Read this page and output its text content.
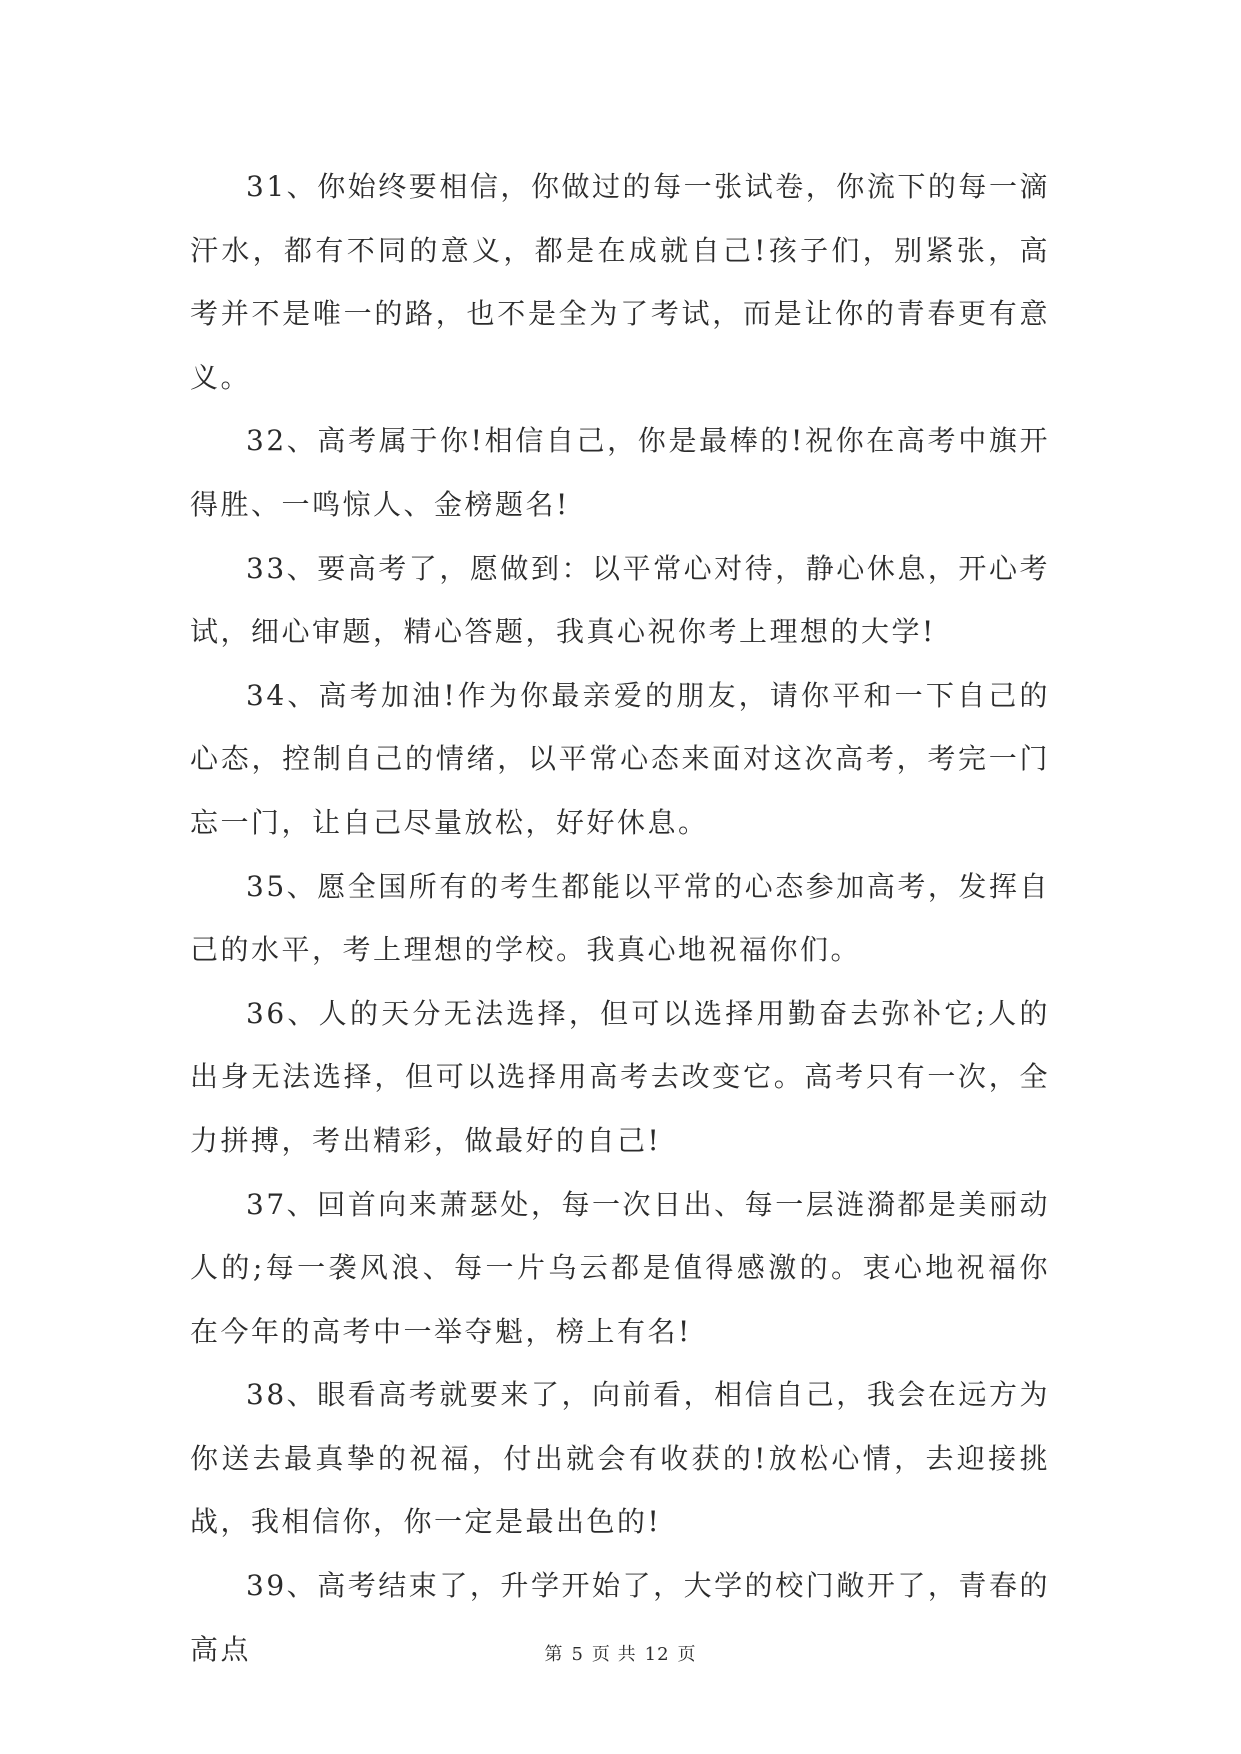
31、你始终要相信，你做过的每一张试卷，你流下的每一滴汗水，都有不同的意义，都是在成就自己!孩子们，别紧张，高考并不是唯一的路，也不是全为了考试，而是让你的青春更有意义。

32、高考属于你!相信自己，你是最棒的!祝你在高考中旗开得胜、一鸣惊人、金榜题名!

33、要高考了，愿做到：以平常心对待，静心休息，开心考试，细心审题，精心答题，我真心祝你考上理想的大学!

34、高考加油!作为你最亲爱的朋友，请你平和一下自己的心态，控制自己的情绪，以平常心态来面对这次高考，考完一门忘一门，让自己尽量放松，好好休息。

35、愿全国所有的考生都能以平常的心态参加高考，发挥自己的水平，考上理想的学校。我真心地祝福你们。

36、人的天分无法选择，但可以选择用勤奋去弥补它;人的出身无法选择，但可以选择用高考去改变它。高考只有一次，全力拼搏，考出精彩，做最好的自己!

37、回首向来萧瑟处，每一次日出、每一层涟漪都是美丽动人的;每一袭风浪、每一片乌云都是值得感激的。衷心地祝福你在今年的高考中一举夺魁，榜上有名!

38、眼看高考就要来了，向前看，相信自己，我会在远方为你送去最真挚的祝福，付出就会有收获的!放松心情，去迎接挑战，我相信你，你一定是最出色的!

39、高考结束了，升学开始了，大学的校门敞开了，青春的高点	第 5 页 共 12 页
